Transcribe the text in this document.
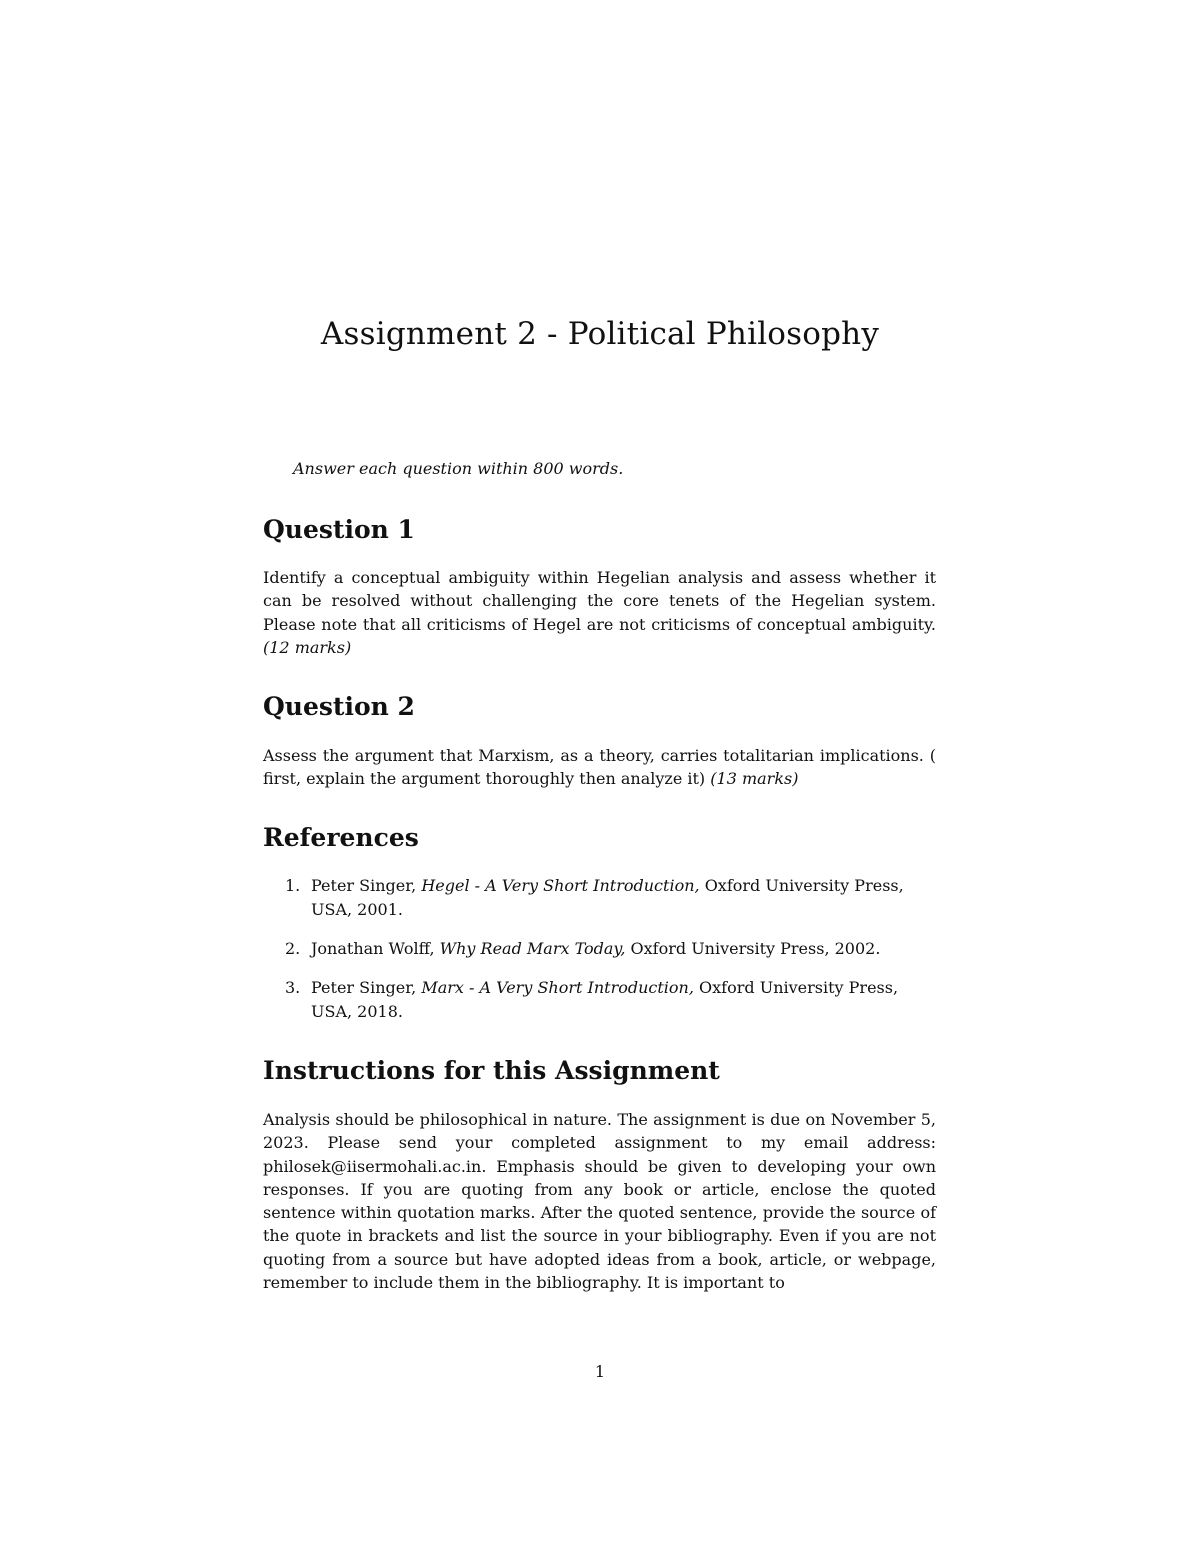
Assignment 2 - Political Philosophy

Answer each question within 800 words.

Question 1

Identify a conceptual ambiguity within Hegelian analysis and assess whether it can be resolved without challenging the core tenets of the Hegelian system. Please note that all criticisms of Hegel are not criticisms of conceptual ambiguity. (12 marks)

Question 2

Assess the argument that Marxism, as a theory, carries totalitarian implications. ( first, explain the argument thoroughly then analyze it) (13 marks)

References
1. Peter Singer, Hegel - A Very Short Introduction, Oxford University Press, USA, 2001.
2. Jonathan Wolff, Why Read Marx Today, Oxford University Press, 2002.
3. Peter Singer, Marx - A Very Short Introduction, Oxford University Press, USA, 2018.
Instructions for this Assignment

Analysis should be philosophical in nature. The assignment is due on November 5, 2023. Please send your completed assignment to my email address: philosek@iisermohali.ac.in. Emphasis should be given to developing your own responses. If you are quoting from any book or article, enclose the quoted sentence within quotation marks. After the quoted sentence, provide the source of the quote in brackets and list the source in your bibliography. Even if you are not quoting from a source but have adopted ideas from a book, article, or webpage, remember to include them in the bibliography. It is important to

1
